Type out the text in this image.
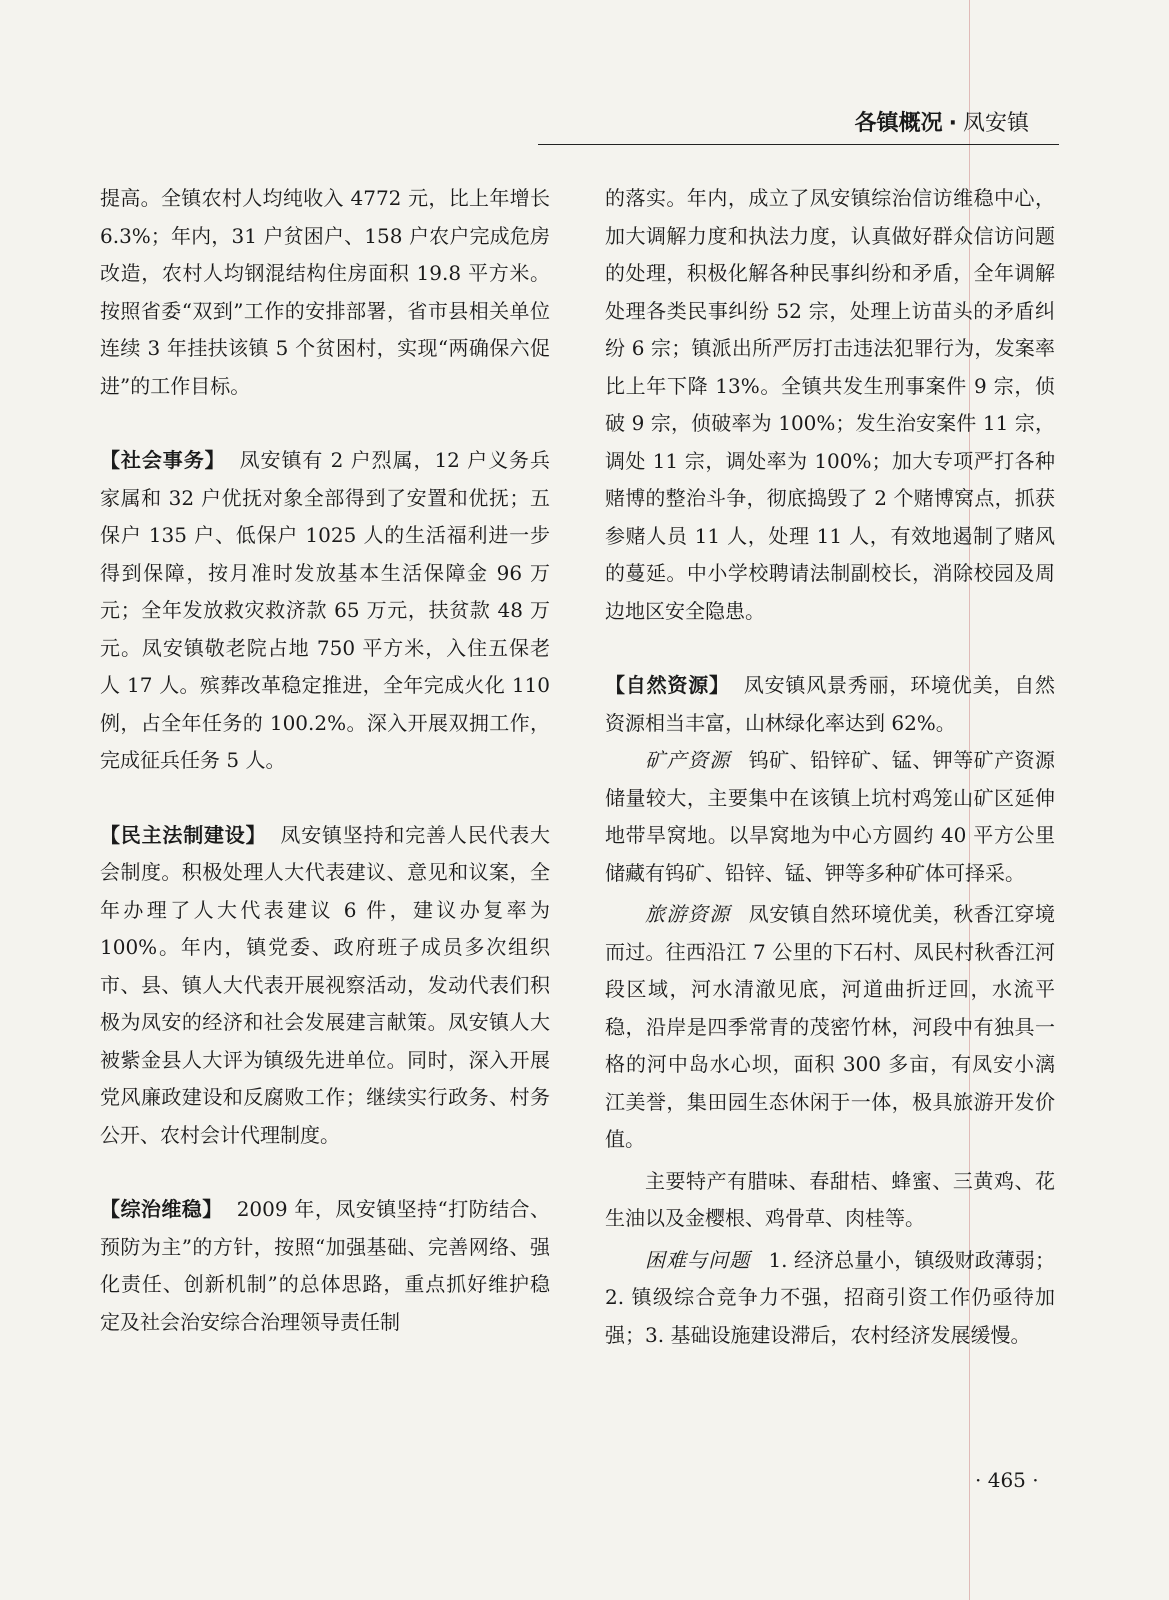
各镇概况 · 凤安镇

提高。全镇农村人均纯收入 4772 元，比上年增长 6.3%；年内，31 户贫困户、158 户农户完成危房改造，农村人均钢混结构住房面积 19.8 平方米。按照省委“双到”工作的安排部署，省市县相关单位连续 3 年挂扶该镇 5 个贫困村，实现“两确保六促进”的工作目标。

【社会事务】 凤安镇有 2 户烈属，12 户义务兵家属和 32 户优抚对象全部得到了安置和优抚；五保户 135 户、低保户 1025 人的生活福利进一步得到保障，按月准时发放基本生活保障金 96 万元；全年发放救灾救济款 65 万元，扶贫款 48 万元。凤安镇敬老院占地 750 平方米，入住五保老人 17 人。殡葬改革稳定推进，全年完成火化 110 例，占全年任务的 100.2%。深入开展双拥工作，完成征兵任务 5 人。

【民主法制建设】 凤安镇坚持和完善人民代表大会制度。积极处理人大代表建议、意见和议案，全年办理了人大代表建议 6 件，建议办复率为 100%。年内，镇党委、政府班子成员多次组织市、县、镇人大代表开展视察活动，发动代表们积极为凤安的经济和社会发展建言献策。凤安镇人大被紫金县人大评为镇级先进单位。同时，深入开展党风廉政建设和反腐败工作；继续实行政务、村务公开、农村会计代理制度。

【综治维稳】 2009 年，凤安镇坚持“打防结合、预防为主”的方针，按照“加强基础、完善网络、强化责任、创新机制”的总体思路，重点抓好维护稳定及社会治安综合治理领导责任制

的落实。年内，成立了凤安镇综治信访维稳中心，加大调解力度和执法力度，认真做好群众信访问题的处理，积极化解各种民事纠纷和矛盾，全年调解处理各类民事纠纷 52 宗，处理上访苗头的矛盾纠纷 6 宗；镇派出所严厉打击违法犯罪行为，发案率比上年下降 13%。全镇共发生刑事案件 9 宗，侦破 9 宗，侦破率为 100%；发生治安案件 11 宗，调处 11 宗，调处率为 100%；加大专项严打各种赌博的整治斗争，彻底捣毁了 2 个赌博窝点，抓获参赌人员 11 人，处理 11 人，有效地遏制了赌风的蔓延。中小学校聘请法制副校长，消除校园及周边地区安全隐患。

【自然资源】 凤安镇风景秀丽，环境优美，自然资源相当丰富，山林绿化率达到 62%。

矿产资源 钨矿、铅锌矿、锰、钾等矿产资源储量较大，主要集中在该镇上坑村鸡笼山矿区延伸地带旱窝地。以旱窝地为中心方圆约 40 平方公里储藏有钨矿、铅锌、锰、钾等多种矿体可择采。

旅游资源 凤安镇自然环境优美，秋香江穿境而过。往西沿江 7 公里的下石村、凤民村秋香江河段区域，河水清澈见底，河道曲折迂回，水流平稳，沿岸是四季常青的茂密竹林，河段中有独具一格的河中岛水心坝，面积 300 多亩，有凤安小漓江美誉，集田园生态休闲于一体，极具旅游开发价值。

主要特产有腊味、春甜桔、蜂蜜、三黄鸡、花生油以及金樱根、鸡骨草、肉桂等。

困难与问题 1. 经济总量小，镇级财政薄弱；2. 镇级综合竞争力不强，招商引资工作仍亟待加强；3. 基础设施建设滞后，农村经济发展缓慢。

· 465 ·
